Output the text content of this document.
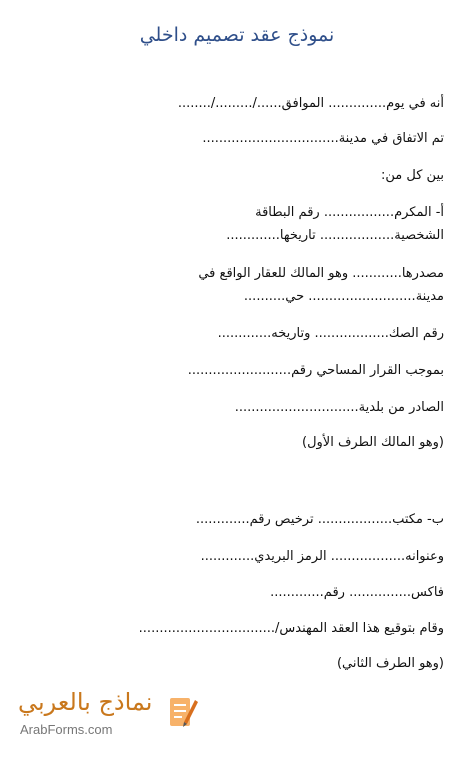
نموذج عقد تصميم داخلي
أنه في يوم.............. الموافق....../........./........
تم الاتفاق في مدينة.................................
بين كل من:
أ- المكرم................. رقم البطاقة
الشخصية.................. تاريخها.............
مصدرها............ وهو المالك للعقار الواقع في
مدينة.......................... حي..........
رقم الصك.................. وتاريخه.............
بموجب القرار المساحي رقم.........................
الصادر من بلدية..............................
(وهو المالك الطرف الأول)
ب- مكتب.................. ترخيص رقم.............
وعنوانه.................. الرمز البريدي.............
فاكس............... رقم.............
وقام بتوقيع هذا العقد المهندس/.................................
(وهو الطرف الثاني)
نماذج بالعربي
ArabForms.com
